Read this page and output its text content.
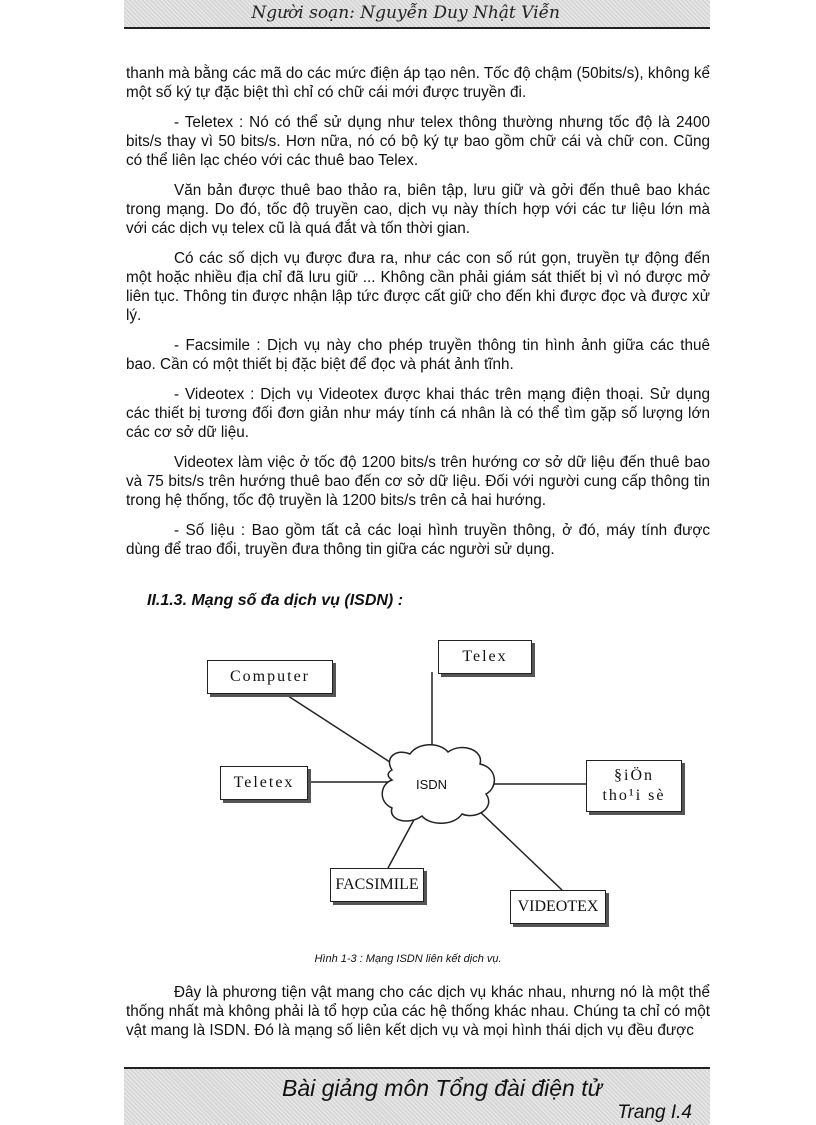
Người soạn: Nguyễn Duy Nhật Viễn

thanh mà bằng các mã do các mức điện áp tạo nên. Tốc độ chậm (50bits/s), không kể một số ký tự đặc biệt thì chỉ có chữ cái mới được truyền đi.

- Teletex : Nó có thể sử dụng như telex thông thường nhưng tốc độ là 2400 bits/s thay vì 50 bits/s. Hơn nữa, nó có bộ ký tự bao gồm chữ cái và chữ con. Cũng có thể liên lạc chéo với các thuê bao Telex.

Văn bản được thuê bao thảo ra, biên tập, lưu giữ và gởi đến thuê bao khác trong mạng. Do đó, tốc độ truyền cao, dịch vụ này thích hợp với các tư liệu lớn mà với các dịch vụ telex cũ là quá đắt và tốn thời gian.

Có các số dịch vụ được đưa ra, như các con số rút gọn, truyền tự động đến một hoặc nhiều địa chỉ đã lưu giữ ... Không cần phải giám sát thiết bị vì nó được mở liên tục. Thông tin được nhận lập tức được cất giữ cho đến khi được đọc và được xử lý.

- Facsimile : Dịch vụ này cho phép truyền thông tin hình ảnh giữa các thuê bao. Cần có một thiết bị đặc biệt để đọc và phát ảnh tĩnh.

- Videotex : Dịch vụ Videotex được khai thác trên mạng điện thoại. Sử dụng các thiết bị tương đối đơn giản như máy tính cá nhân là có thể tìm gặp số lượng lớn các cơ sở dữ liệu.

Videotex làm việc ở tốc độ 1200 bits/s trên hướng cơ sở dữ liệu đến thuê bao và 75 bits/s trên hướng thuê bao đến cơ sở dữ liệu. Đối với người cung cấp thông tin trong hệ thống, tốc độ truyền là 1200 bits/s trên cả hai hướng.

- Số liệu : Bao gồm tất cả các loại hình truyền thông, ở đó, máy tính được dùng để trao đổi, truyền đưa thông tin giữa các người sử dụng.

II.1.3. Mạng số đa dịch vụ (ISDN) :
ISDN
Computer
Telex
Teletex	§iÖn
tho¹i sè
FACSIMILE
VIDEOTEX
Hình 1-3 : Mạng ISDN liên kết dịch vụ.

Đây là phương tiện vật mang cho các dịch vụ khác nhau, nhưng nó là một thể thống nhất mà không phải là tổ hợp của các hệ thống khác nhau. Chúng ta chỉ có một vật mang là ISDN. Đó là mạng số liên kết dịch vụ và mọi hình thái dịch vụ đều được

Bài giảng môn Tổng đài điện tử
Trang I.4
